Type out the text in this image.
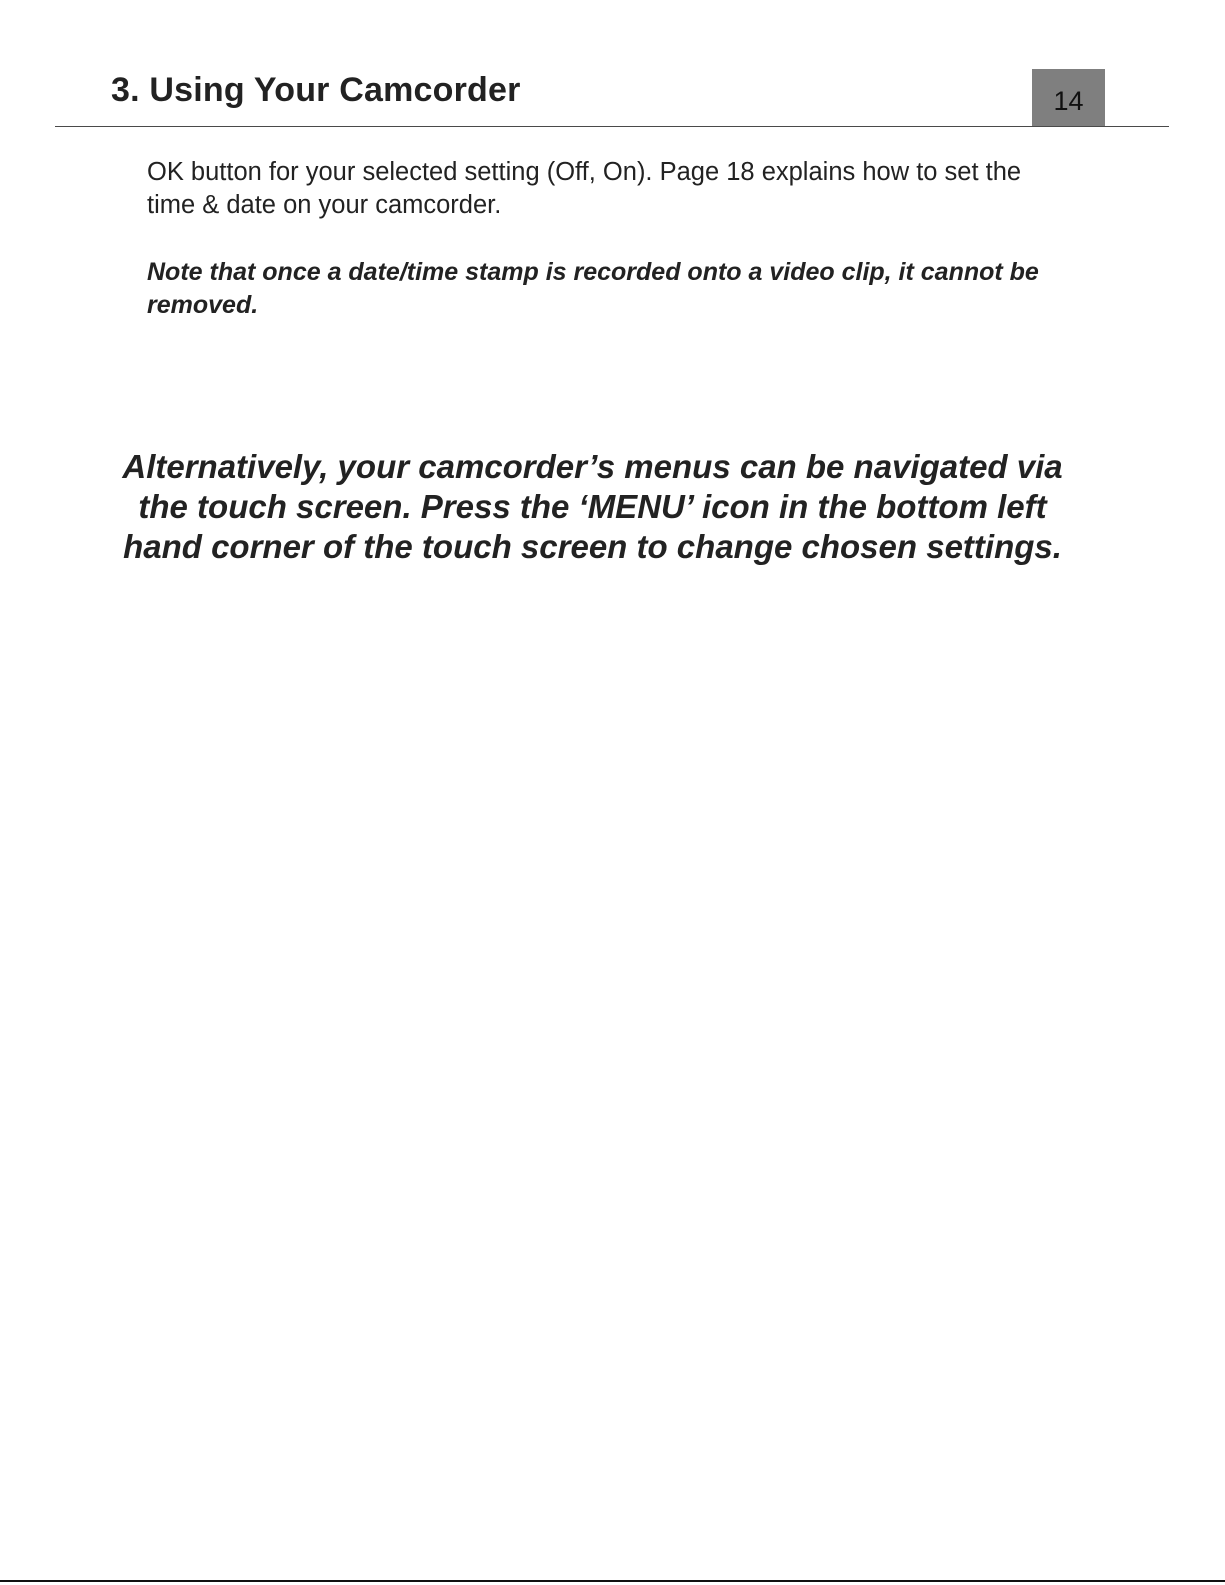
3. Using Your Camcorder	14

OK button for your selected setting (Off, On). Page 18 explains how to set the time & date on your camcorder.

Note that once a date/time stamp is recorded onto a video clip, it cannot be removed.

Alternatively, your camcorder’s menus can be navigated via the touch screen. Press the ‘MENU’ icon in the bottom left hand corner of the touch screen to change chosen settings.
